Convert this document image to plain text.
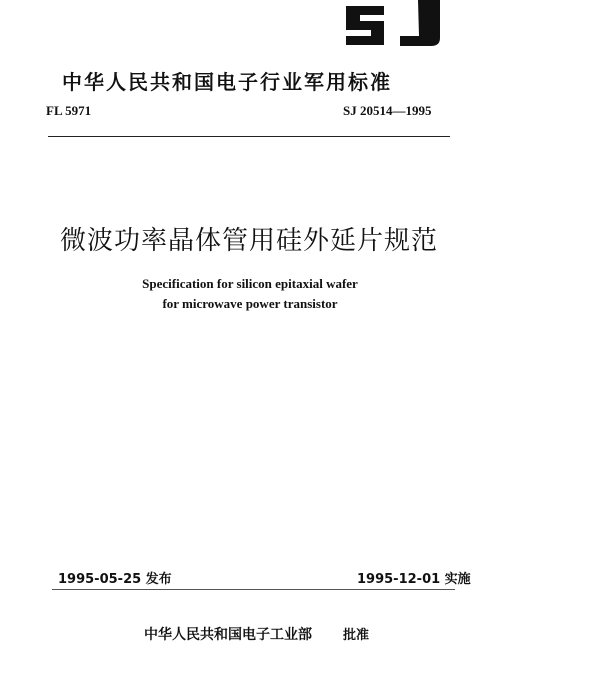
中华人民共和国电子行业军用标准
FL 5971	SJ 20514—1995
微波功率晶体管用硅外延片规范
Specification for silicon epitaxial wafer
for microwave power transistor
1995-05-25 发布	1995-12-01 实施
中华人民共和国电子工业部 批准
